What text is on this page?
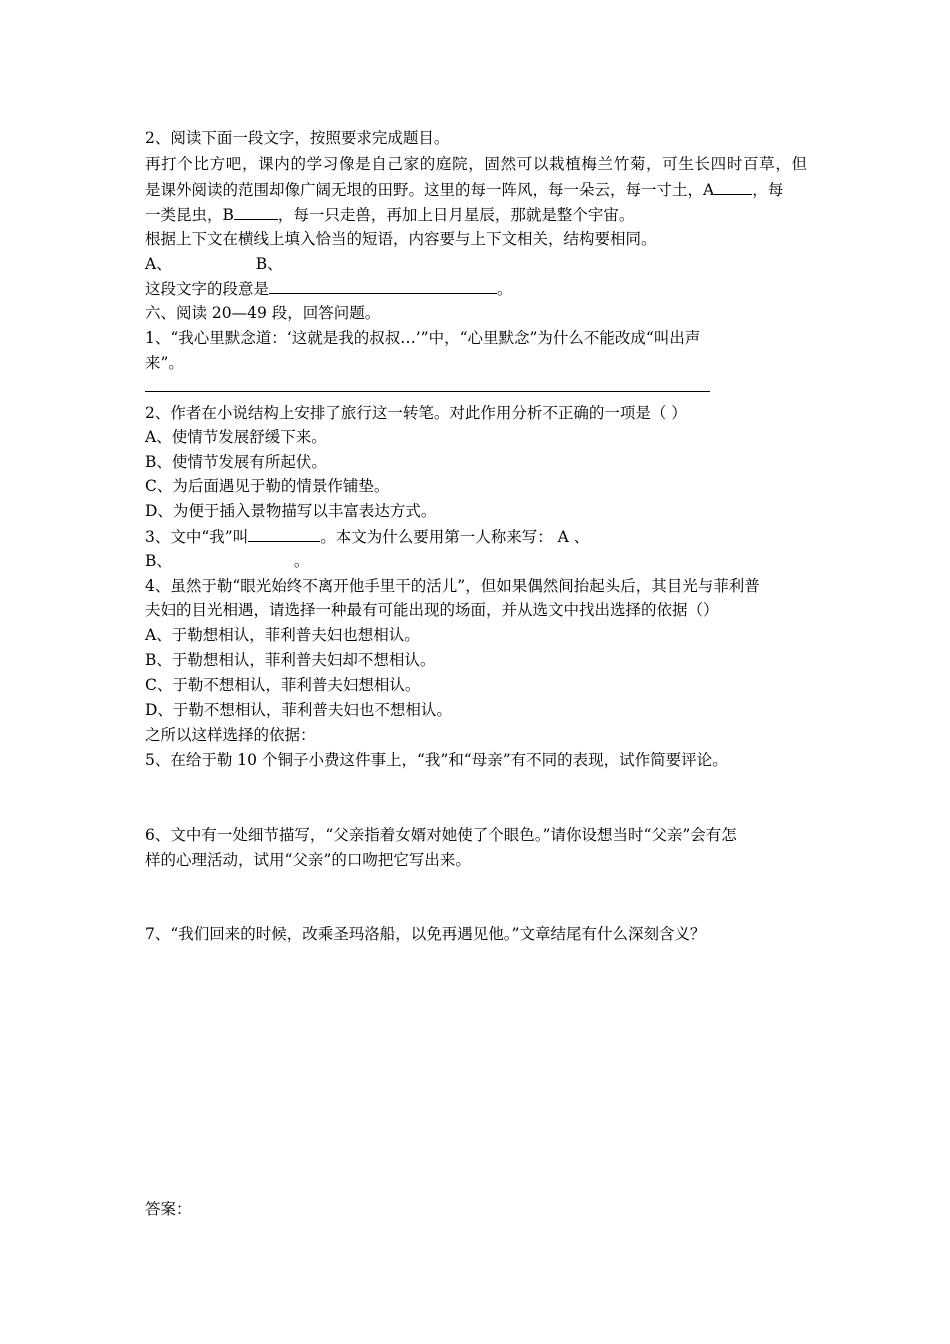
2、阅读下面一段文字，按照要求完成题目。
再打个比方吧，课内的学习像是自己家的庭院，固然可以栽植梅兰竹菊，可生长四时百草，但
是课外阅读的范围却像广阔无垠的田野。这里的每一阵风，每一朵云，每一寸土，A ，每
一类昆虫，B	，每一只走兽，再加上日月星辰，那就是整个宇宙。
根据上下文在横线上填入恰当的短语，内容要与上下文相关，结构要相同。
A、	B、
这段文字的段意是	。
六、阅读 20—49 段，回答问题。
1、“我心里默念道：‘这就是我的叔叔…’”中，“心里默念”为什么不能改成“叫出声
来”。
2、作者在小说结构上安排了旅行这一转笔。对此作用分析不正确的一项是（ ）
A、使情节发展舒缓下来。
B、使情节发展有所起伏。
C、为后面遇见于勒的情景作铺垫。
D、为便于插入景物描写以丰富表达方式。
3、文中“我”叫	。本文为什么要用第一人称来写： A 、
B、	。
4、虽然于勒“眼光始终不离开他手里干的活儿”，但如果偶然间抬起头后，其目光与菲利普
夫妇的目光相遇，请选择一种最有可能出现的场面，并从选文中找出选择的依据（）
A、于勒想相认，菲利普夫妇也想相认。
B、于勒想相认，菲利普夫妇却不想相认。
C、于勒不想相认，菲利普夫妇想相认。
D、于勒不想相认，菲利普夫妇也不想相认。
之所以这样选择的依据：
5、在给于勒 10 个铜子小费这件事上，“我”和“母亲”有不同的表现，试作简要评论。
6、文中有一处细节描写，“父亲指着女婿对她使了个眼色。”请你设想当时“父亲”会有怎
样的心理活动，试用“父亲”的口吻把它写出来。
7、“我们回来的时候，改乘圣玛洛船，以免再遇见他。”文章结尾有什么深刻含义？
答案：
